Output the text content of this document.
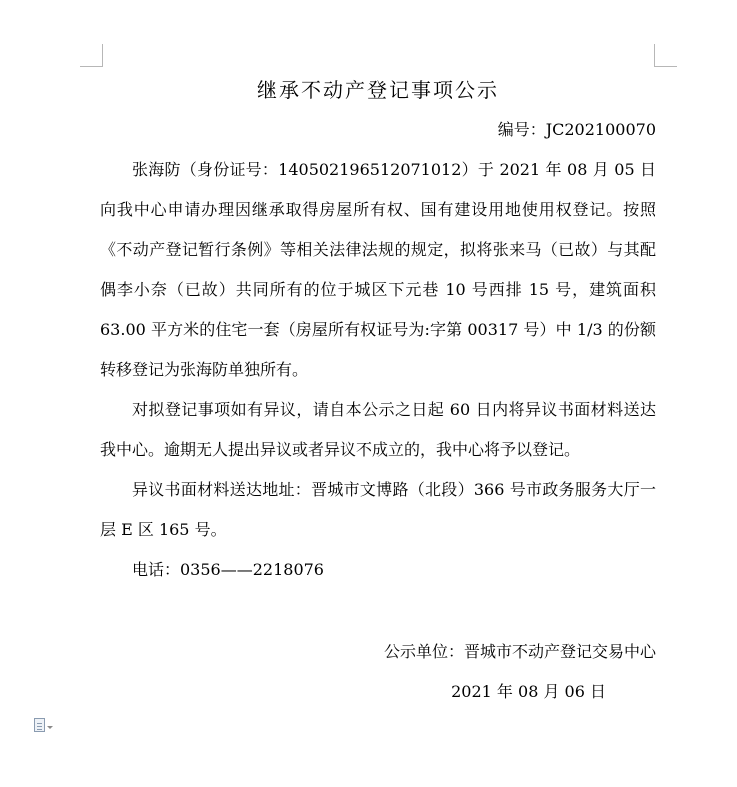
继承不动产登记事项公示
编号：JC202100070

张海防（身份证号：140502196512071012）于 2021 年 08 月 05 日向我中心申请办理因继承取得房屋所有权、国有建设用地使用权登记。按照《不动产登记暂行条例》等相关法律法规的规定，拟将张来马（已故）与其配偶李小奈（已故）共同所有的位于城区下元巷 10 号西排 15 号，建筑面积 63.00 平方米的住宅一套（房屋所有权证号为:字第 00317 号）中 1/3 的份额转移登记为张海防单独所有。

对拟登记事项如有异议，请自本公示之日起 60 日内将异议书面材料送达我中心。逾期无人提出异议或者异议不成立的，我中心将予以登记。

异议书面材料送达地址：晋城市文博路（北段）366 号市政务服务大厅一层 E 区 165 号。

电话：0356——2218076

公示单位：晋城市不动产登记交易中心
2021 年 08 月 06 日
